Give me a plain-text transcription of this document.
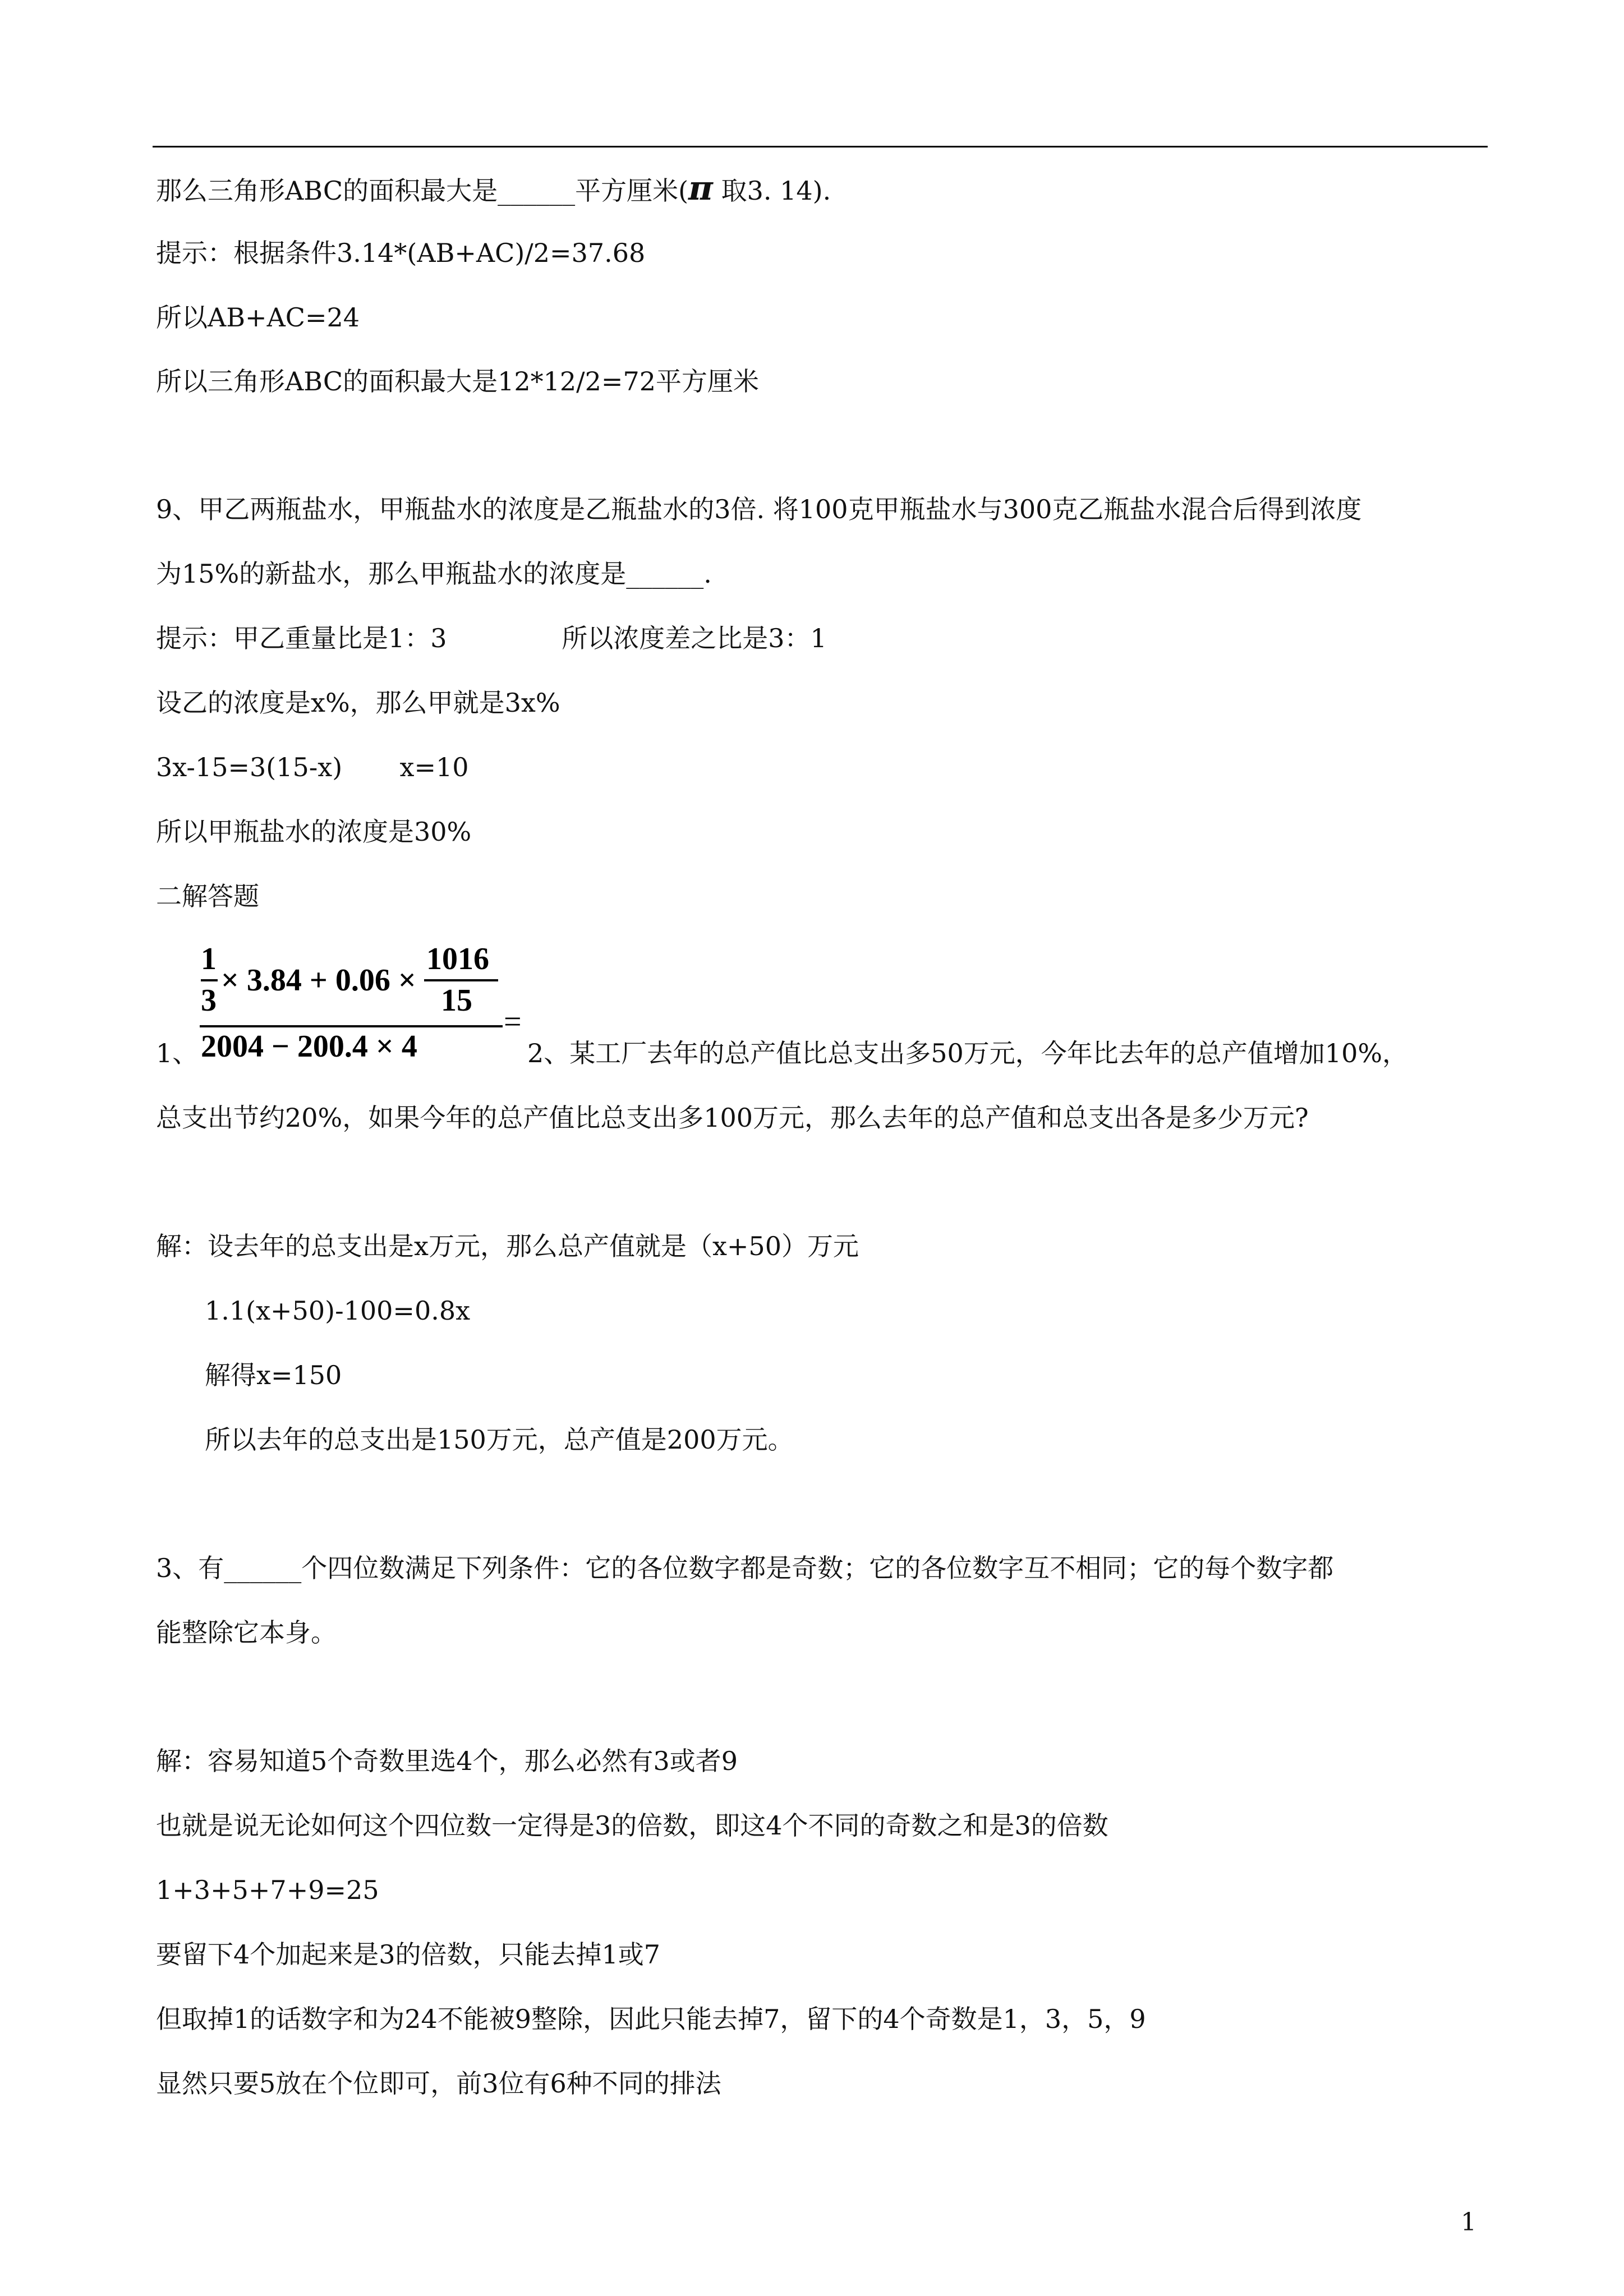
那么三角形ABC的面积最大是______平方厘米(π 取3. 14).
提示：根据条件3.14*(AB+AC)/2=37.68
所以AB+AC=24
所以三角形ABC的面积最大是12*12/2=72平方厘米
9、甲乙两瓶盐水，甲瓶盐水的浓度是乙瓶盐水的3倍. 将100克甲瓶盐水与300克乙瓶盐水混合后得到浓度
为15%的新盐水，那么甲瓶盐水的浓度是______.
提示：甲乙重量比是1：3              所以浓度差之比是3：1
设乙的浓度是x%，那么甲就是3x%
3x-15=3(15-x)       x=10
所以甲瓶盐水的浓度是30%
二解答题
1
3
× 3.84 + 0.06 ×
1016
15
2004 − 200.4 × 4
=
1、	2、某工厂去年的总产值比总支出多50万元，今年比去年的总产值增加10%，
总支出节约20%，如果今年的总产值比总支出多100万元，那么去年的总产值和总支出各是多少万元?
解：设去年的总支出是x万元，那么总产值就是（x+50）万元
1.1(x+50)-100=0.8x
解得x=150
所以去年的总支出是150万元，总产值是200万元。
3、有______个四位数满足下列条件：它的各位数字都是奇数；它的各位数字互不相同；它的每个数字都
能整除它本身。
解：容易知道5个奇数里选4个，那么必然有3或者9
也就是说无论如何这个四位数一定得是3的倍数，即这4个不同的奇数之和是3的倍数
1+3+5+7+9=25
要留下4个加起来是3的倍数，只能去掉1或7
但取掉1的话数字和为24不能被9整除，因此只能去掉7，留下的4个奇数是1，3，5，9
显然只要5放在个位即可，前3位有6种不同的排法
1
